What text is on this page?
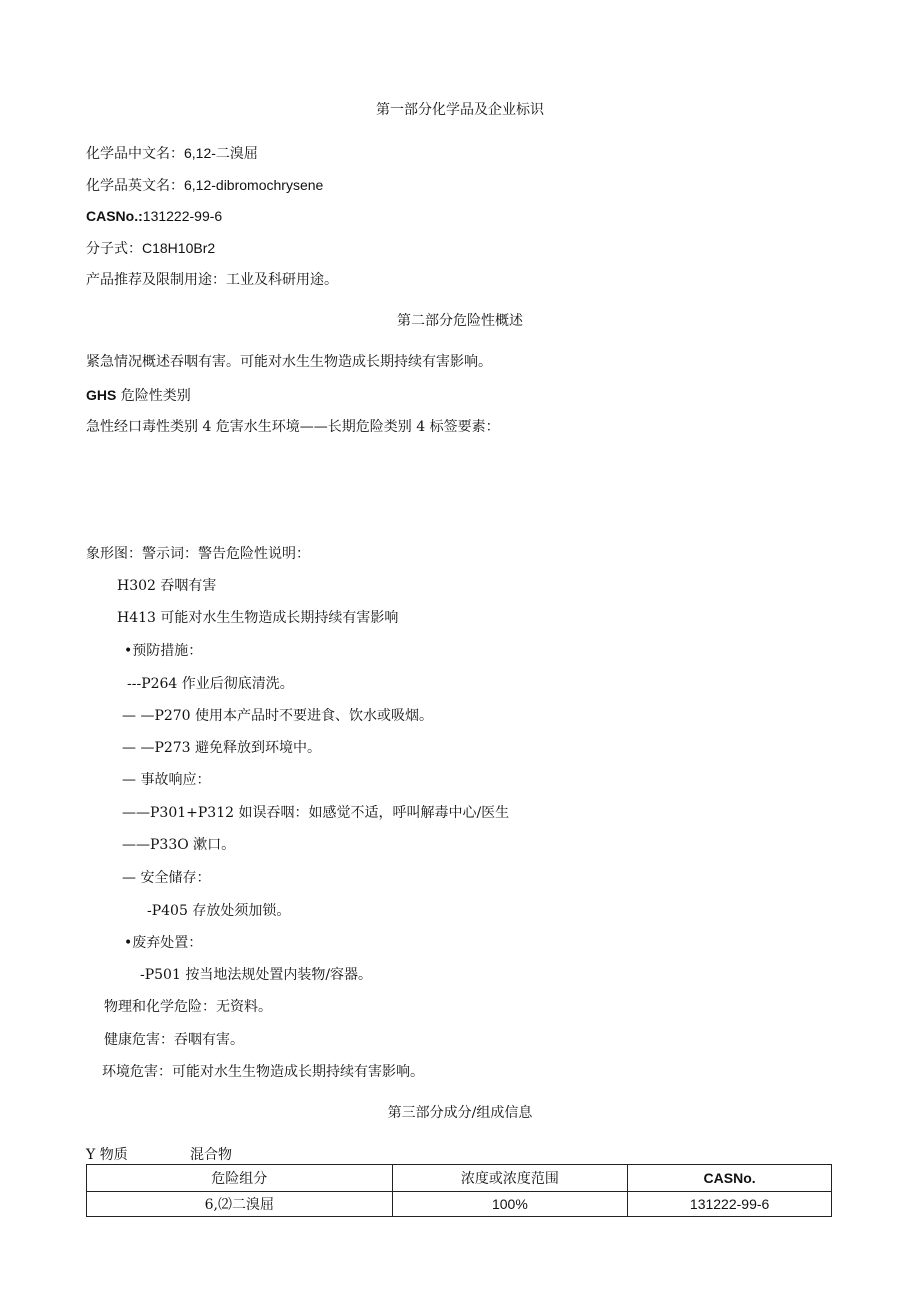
第一部分化学品及企业标识
化学品中文名：6,12-二溴屈
化学品英文名：6,12-dibromochrysene
CASNo.:131222-99-6
分子式：C18H10Br2
产品推荐及限制用途：工业及科研用途。
第二部分危险性概述
紧急情况概述吞咽有害。可能对水生生物造成长期持续有害影响。
GHS 危险性类别
急性经口毒性类别 4 危害水生环境——长期危险类别 4 标签要素：
象形图：警示词：警告危险性说明：
H302 吞咽有害
H413 可能对水生生物造成长期持续有害影响
•预防措施：
---P264 作业后彻底清洗。
— —P270 使用本产品时不要进食、饮水或吸烟。
— —P273 避免释放到环境中。
— 事故响应：
——P301+P312 如误吞咽：如感觉不适，呼叫解毒中心/医生
——P33O 漱口。
— 安全储存：
-P405 存放处须加锁。
•废弃处置：
-P501 按当地法规处置内装物/容器。
物理和化学危险：无资料。
健康危害：吞咽有害。
环境危害：可能对水生生物造成长期持续有害影响。
第三部分成分/组成信息
Y 物质	混合物
危险组分	浓度或浓度范围	CASNo.
6,⑵二溴屈	100%	131222-99-6
